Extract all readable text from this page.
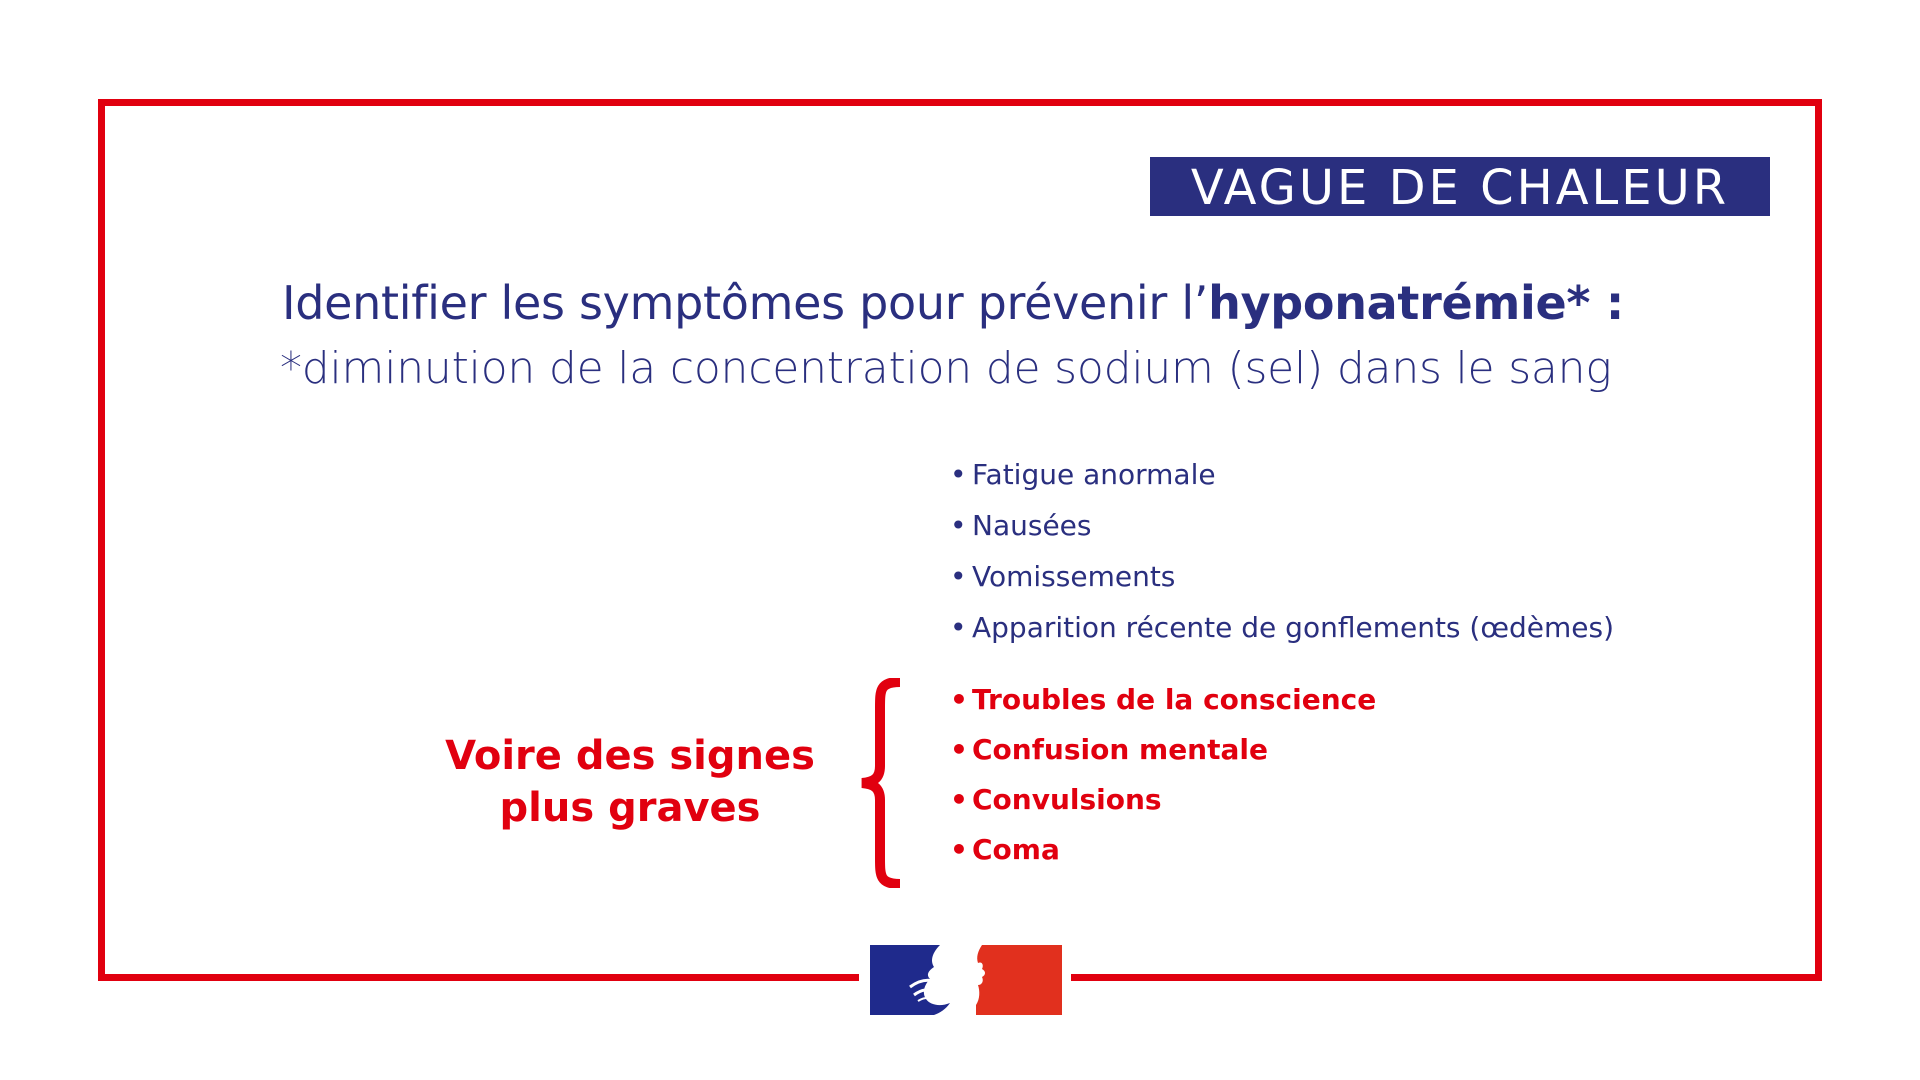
VAGUE DE CHALEUR
Identifier les symptômes pour prévenir l’hyponatrémie* :
*diminution de la concentration de sodium (sel) dans le sang
• Fatigue anormale
• Nausées
• Vomissements
• Apparition récente de gonflements (œdèmes)
Voire des signes
plus graves
• Troubles de la conscience
• Confusion mentale
• Convulsions
• Coma
